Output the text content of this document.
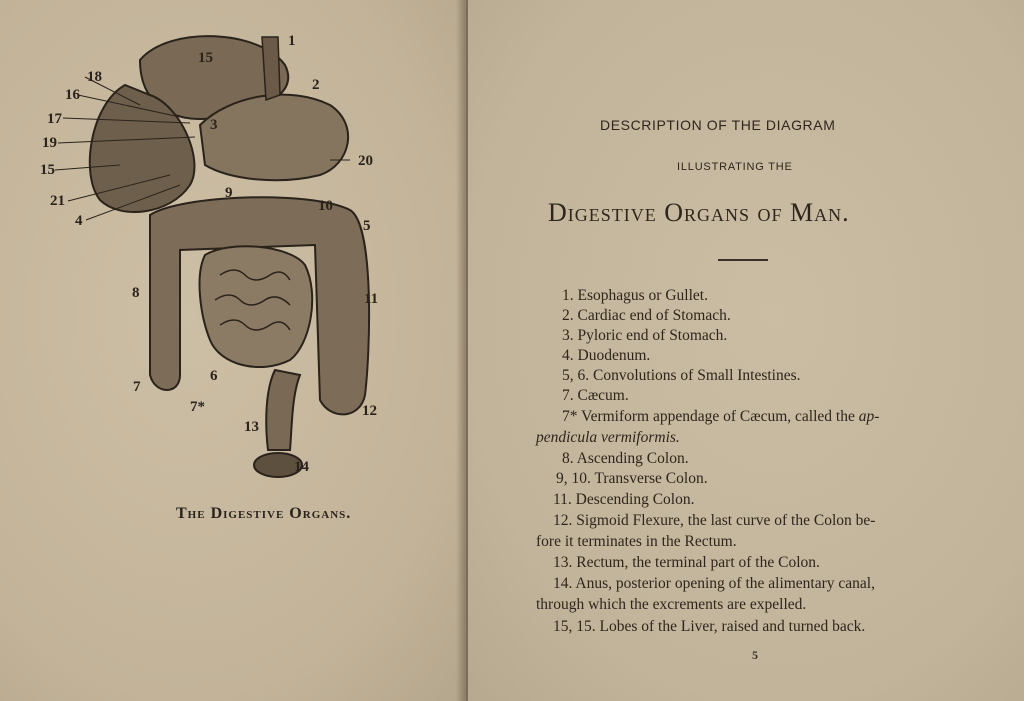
1
2
3
4	5
6
7
7*
8
9
10
11
12
13
14
15
15
16
17
18
19
20
21
The Digestive Organs.
DESCRIPTION OF THE DIAGRAM
ILLUSTRATING THE
Digestive Organs of Man.
1. Esophagus or Gullet.
2. Cardiac end of Stomach.
3. Pyloric end of Stomach.
4. Duodenum.
5, 6. Convolutions of Small Intestines.
7. Cæcum.
7* Vermiform appendage of Cæcum, called the ap-
pendicula vermiformis.
8. Ascending Colon.
9, 10. Transverse Colon.
11. Descending Colon.
12. Sigmoid Flexure, the last curve of the Colon be-
fore it terminates in the Rectum.
13. Rectum, the terminal part of the Colon.
14. Anus, posterior opening of the alimentary canal,
through which the excrements are expelled.
15, 15. Lobes of the Liver, raised and turned back.
5
